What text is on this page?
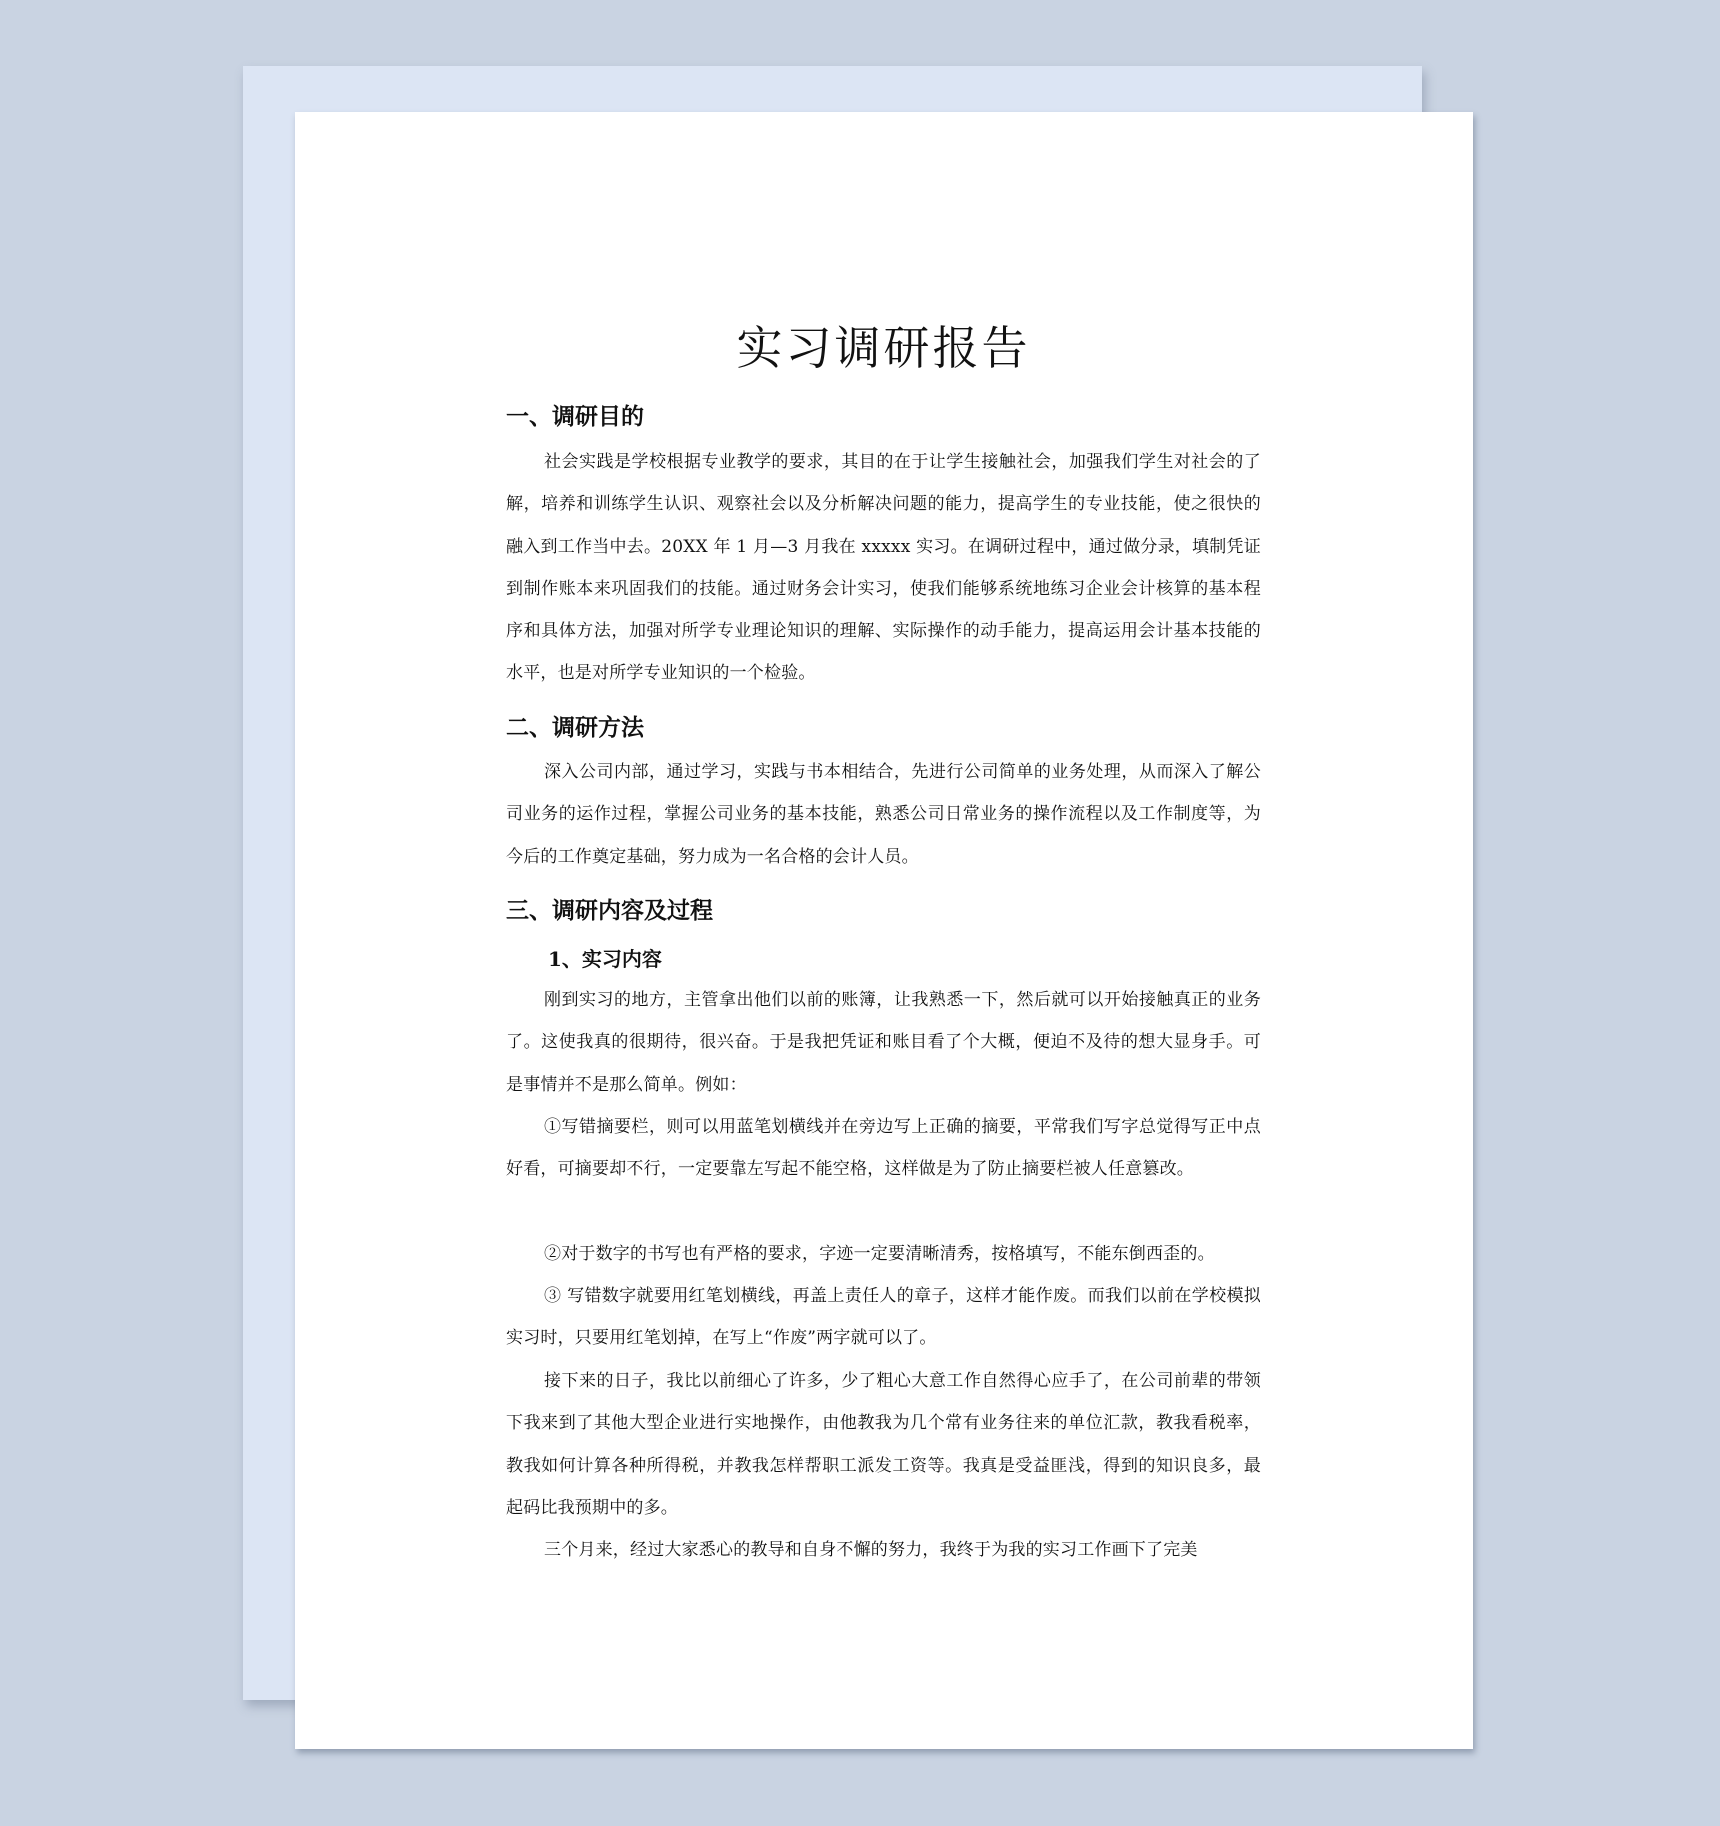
实习调研报告
一、调研目的

社会实践是学校根据专业教学的要求，其目的在于让学生接触社会，加强我们学生对社会的了解，培养和训练学生认识、观察社会以及分析解决问题的能力，提高学生的专业技能，使之很快的融入到工作当中去。20XX 年 1 月—3 月我在 xxxxx 实习。在调研过程中，通过做分录，填制凭证到制作账本来巩固我们的技能。通过财务会计实习，使我们能够系统地练习企业会计核算的基本程序和具体方法，加强对所学专业理论知识的理解、实际操作的动手能力，提高运用会计基本技能的水平，也是对所学专业知识的一个检验。

二、调研方法

深入公司内部，通过学习，实践与书本相结合，先进行公司简单的业务处理，从而深入了解公司业务的运作过程，掌握公司业务的基本技能，熟悉公司日常业务的操作流程以及工作制度等，为今后的工作奠定基础，努力成为一名合格的会计人员。

三、调研内容及过程
1、实习内容

刚到实习的地方，主管拿出他们以前的账簿，让我熟悉一下，然后就可以开始接触真正的业务了。这使我真的很期待，很兴奋。于是我把凭证和账目看了个大概，便迫不及待的想大显身手。可是事情并不是那么简单。例如：

①写错摘要栏，则可以用蓝笔划横线并在旁边写上正确的摘要，平常我们写字总觉得写正中点好看，可摘要却不行，一定要靠左写起不能空格，这样做是为了防止摘要栏被人任意篡改。

②对于数字的书写也有严格的要求，字迹一定要清晰清秀，按格填写，不能东倒西歪的。

③ 写错数字就要用红笔划横线，再盖上责任人的章子，这样才能作废。而我们以前在学校模拟实习时，只要用红笔划掉，在写上“作废”两字就可以了。

接下来的日子，我比以前细心了许多，少了粗心大意工作自然得心应手了，在公司前辈的带领下我来到了其他大型企业进行实地操作，由他教我为几个常有业务往来的单位汇款，教我看税率，教我如何计算各种所得税，并教我怎样帮职工派发工资等。我真是受益匪浅，得到的知识良多，最起码比我预期中的多。

三个月来，经过大家悉心的教导和自身不懈的努力，我终于为我的实习工作画下了完美
